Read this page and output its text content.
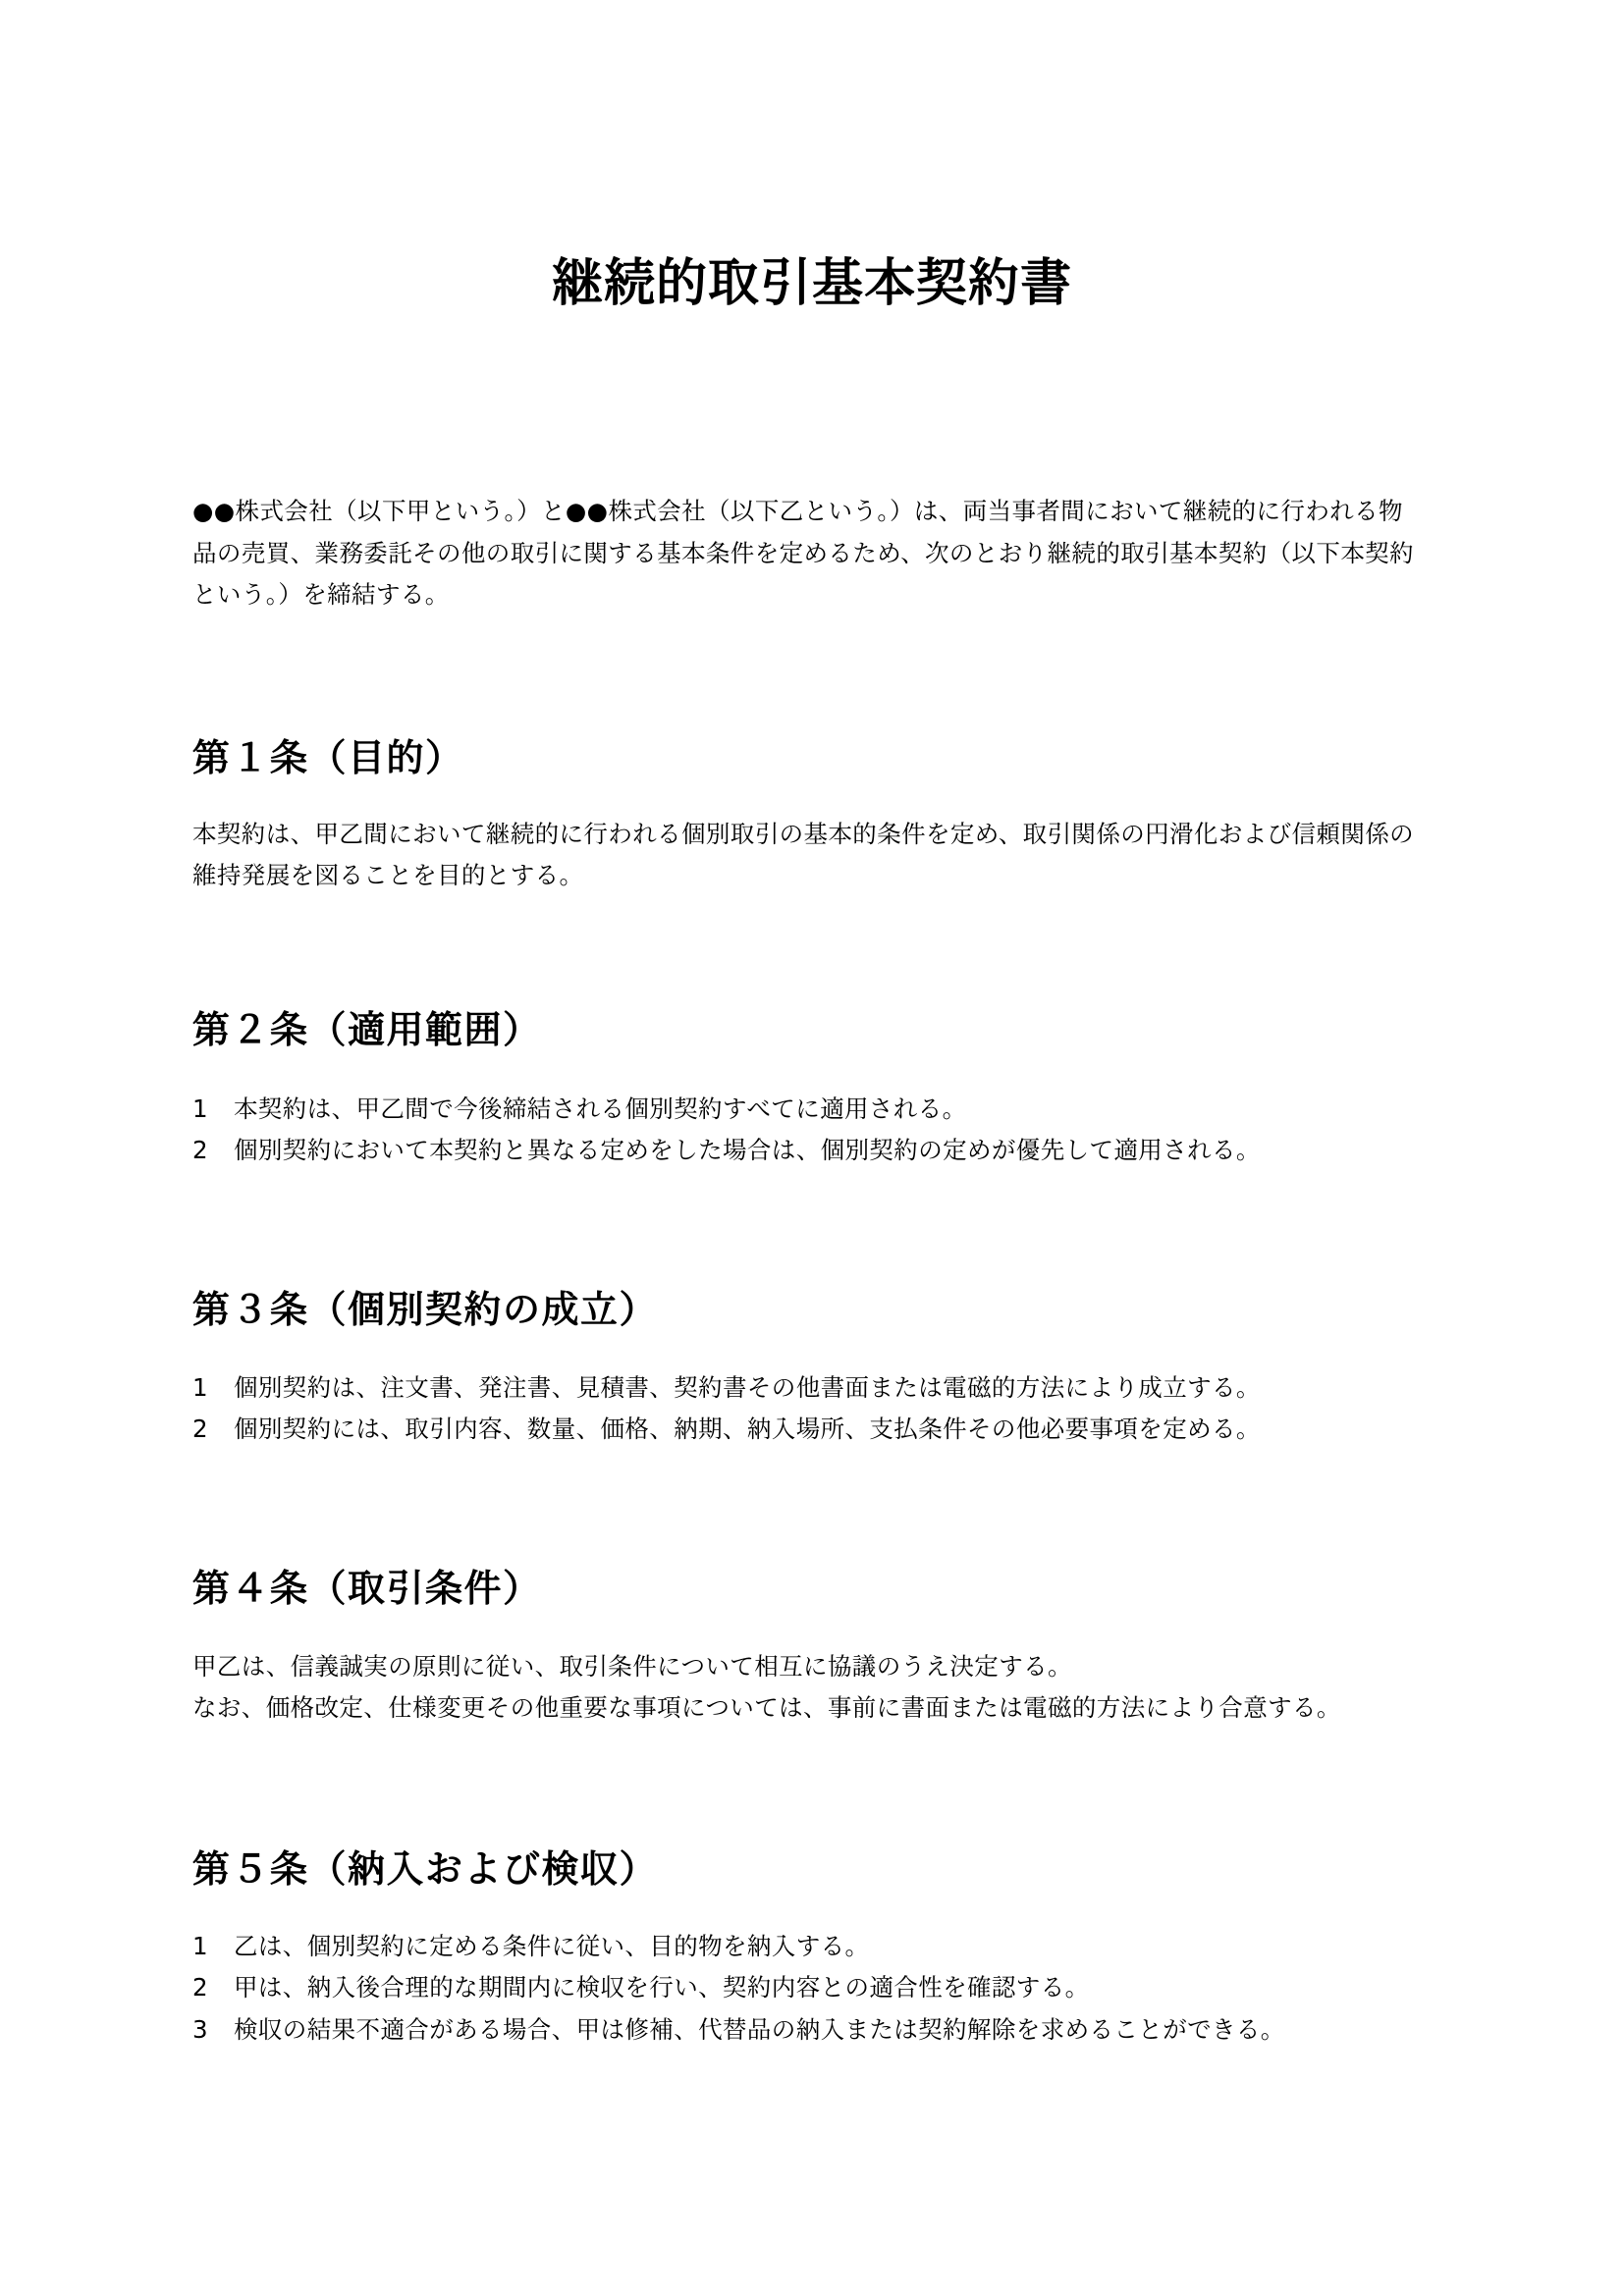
継続的取引基本契約書

●●株式会社（以下甲という。）と●●株式会社（以下乙という。）は、両当事者間において継続的に行われる物品の売買、業務委託その他の取引に関する基本条件を定めるため、次のとおり継続的取引基本契約（以下本契約という。）を締結する。

第１条（目的）

本契約は、甲乙間において継続的に行われる個別取引の基本的条件を定め、取引関係の円滑化および信頼関係の維持発展を図ることを目的とする。

第２条（適用範囲）
1	本契約は、甲乙間で今後締結される個別契約すべてに適用される。
2	個別契約において本契約と異なる定めをした場合は、個別契約の定めが優先して適用される。
第３条（個別契約の成立）
1	個別契約は、注文書、発注書、見積書、契約書その他書面または電磁的方法により成立する。
2	個別契約には、取引内容、数量、価格、納期、納入場所、支払条件その他必要事項を定める。
第４条（取引条件）

甲乙は、信義誠実の原則に従い、取引条件について相互に協議のうえ決定する。

なお、価格改定、仕様変更その他重要な事項については、事前に書面または電磁的方法により合意する。

第５条（納入および検収）
1	乙は、個別契約に定める条件に従い、目的物を納入する。
2	甲は、納入後合理的な期間内に検収を行い、契約内容との適合性を確認する。
3	検収の結果不適合がある場合、甲は修補、代替品の納入または契約解除を求めることができる。
